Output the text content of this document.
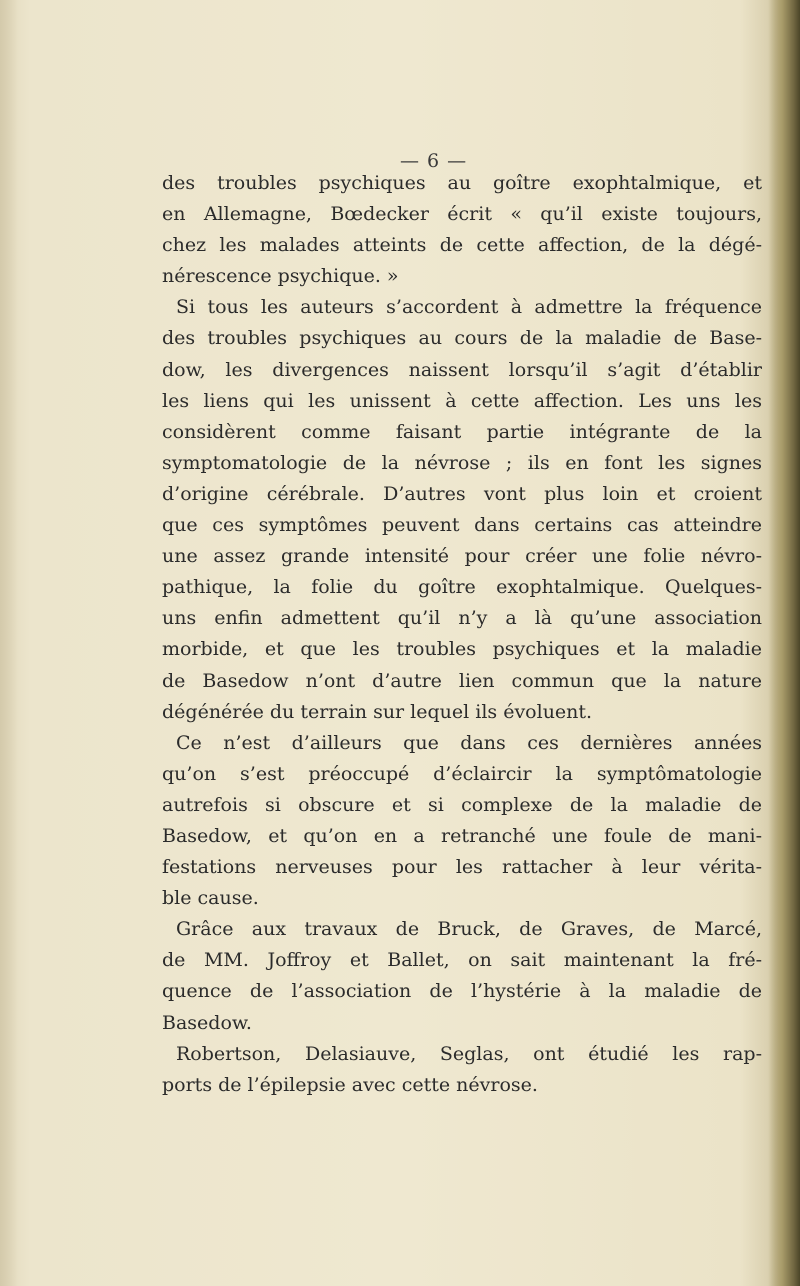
— 6 —
des troubles psychiques au goître exophtalmique, et
en Allemagne, Bœdecker écrit « qu’il existe toujours,
chez les malades atteints de cette affection, de la dégé-
nérescence psychique. »
Si tous les auteurs s’accordent à admettre la fréquence
des troubles psychiques au cours de la maladie de Base-
dow, les divergences naissent lorsqu’il s’agit d’établir
les liens qui les unissent à cette affection. Les uns les
considèrent comme faisant partie intégrante de la
symptomatologie de la névrose ; ils en font les signes
d’origine cérébrale. D’autres vont plus loin et croient
que ces symptômes peuvent dans certains cas atteindre
une assez grande intensité pour créer une folie névro-
pathique, la folie du goître exophtalmique. Quelques-
uns enfin admettent qu’il n’y a là qu’une association
morbide, et que les troubles psychiques et la maladie
de Basedow n’ont d’autre lien commun que la nature
dégénérée du terrain sur lequel ils évoluent.
Ce n’est d’ailleurs que dans ces dernières années
qu’on s’est préoccupé d’éclaircir la symptômatologie
autrefois si obscure et si complexe de la maladie de
Basedow, et qu’on en a retranché une foule de mani-
festations nerveuses pour les rattacher à leur vérita-
ble cause.
Grâce aux travaux de Bruck, de Graves, de Marcé,
de MM. Joffroy et Ballet, on sait maintenant la fré-
quence de l’association de l’hystérie à la maladie de
Basedow.
Robertson, Delasiauve, Seglas, ont étudié les rap-
ports de l’épilepsie avec cette névrose.
